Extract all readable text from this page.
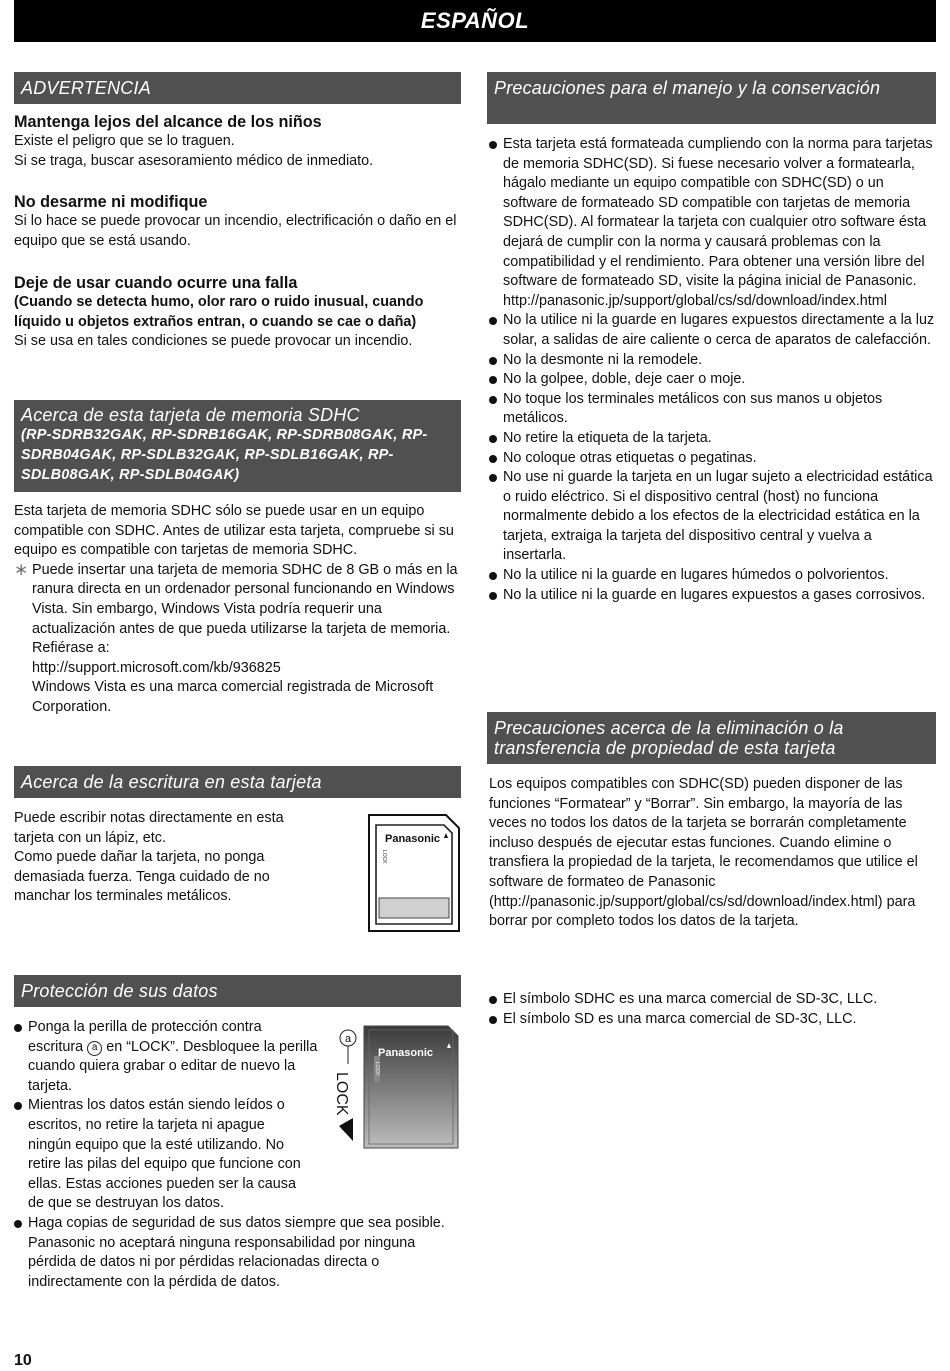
ESPAÑOL
ADVERTENCIA

Mantenga lejos del alcance de los niños

Existe el peligro que se lo traguen.

Si se traga, buscar asesoramiento médico de inmediato.

No desarme ni modifique

Si lo hace se puede provocar un incendio, electrificación o daño en el equipo que se está usando.

Deje de usar cuando ocurre una falla

(Cuando se detecta humo, olor raro o ruido inusual, cuando líquido u objetos extraños entran, o cuando se cae o daña)

Si se usa en tales condiciones se puede provocar un incendio.

Acerca de esta tarjeta de memoria SDHC
(RP-SDRB32GAK, RP-SDRB16GAK, RP-SDRB08GAK, RP-SDRB04GAK, RP-SDLB32GAK, RP-SDLB16GAK, RP-SDLB08GAK, RP-SDLB04GAK)

Esta tarjeta de memoria SDHC sólo se puede usar en un equipo compatible con SDHC. Antes de utilizar esta tarjeta, compruebe si su equipo es compatible con tarjetas de memoria SDHC.

∗ Puede insertar una tarjeta de memoria SDHC de 8 GB o más en la ranura directa en un ordenador personal funcionando en Windows Vista. Sin embargo, Windows Vista podría requerir una actualización antes de que pueda utilizarse la tarjeta de memoria. Refiérase a:

http://support.microsoft.com/kb/936825

Windows Vista es una marca comercial registrada de Microsoft Corporation.

Acerca de la escritura en esta tarjeta

Puede escribir notas directamente en esta tarjeta con un lápiz, etc.

Como puede dañar la tarjeta, no ponga demasiada fuerza. Tenga cuidado de no manchar los terminales metálicos.

Panasonic
LOCK
Protección de sus datos
Ponga la perilla de protección contra escritura a en “LOCK”. Desbloquee la perilla cuando quiera grabar o editar de nuevo la tarjeta.
Mientras los datos están siendo leídos o escritos, no retire la tarjeta ni apague ningún equipo que la esté utilizando. No retire las pilas del equipo que funcione con ellas. Estas acciones pueden ser la causa de que se destruyan los datos.
Haga copias de seguridad de sus datos siempre que sea posible. Panasonic no aceptará ninguna responsabilidad por ninguna pérdida de datos ni por pérdidas relacionadas directa o indirectamente con la pérdida de datos.
a
LOCK
Panasonic
LOCK
Precauciones para el manejo y la conservación
Esta tarjeta está formateada cumpliendo con la norma para tarjetas de memoria SDHC(SD). Si fuese necesario volver a formatearla, hágalo mediante un equipo compatible con SDHC(SD) o un software de formateado SD compatible con tarjetas de memoria SDHC(SD). Al formatear la tarjeta con cualquier otro software ésta dejará de cumplir con la norma y causará problemas con la compatibilidad y el rendimiento. Para obtener una versión libre del software de formateado SD, visite la página inicial de Panasonic.
http://panasonic.jp/support/global/cs/sd/download/index.html
No la utilice ni la guarde en lugares expuestos directamente a la luz solar, a salidas de aire caliente o cerca de aparatos de calefacción.
No la desmonte ni la remodele.
No la golpee, doble, deje caer o moje.
No toque los terminales metálicos con sus manos u objetos metálicos.
No retire la etiqueta de la tarjeta.
No coloque otras etiquetas o pegatinas.
No use ni guarde la tarjeta en un lugar sujeto a electricidad estática o ruido eléctrico. Si el dispositivo central (host) no funciona normalmente debido a los efectos de la electricidad estática en la tarjeta, extraiga la tarjeta del dispositivo central y vuelva a insertarla.
No la utilice ni la guarde en lugares húmedos o polvorientos.
No la utilice ni la guarde en lugares expuestos a gases corrosivos.
Precauciones acerca de la eliminación o la transferencia de propiedad de esta tarjeta

Los equipos compatibles con SDHC(SD) pueden disponer de las funciones “Formatear” y “Borrar”. Sin embargo, la mayoría de las veces no todos los datos de la tarjeta se borrarán completamente incluso después de ejecutar estas funciones. Cuando elimine o transfiera la propiedad de la tarjeta, le recomendamos que utilice el software de formateo de Panasonic (http://panasonic.jp/support/global/cs/sd/download/index.html) para borrar por completo todos los datos de la tarjeta.

El símbolo SDHC es una marca comercial de SD-3C, LLC.
El símbolo SD es una marca comercial de SD-3C, LLC.
10
